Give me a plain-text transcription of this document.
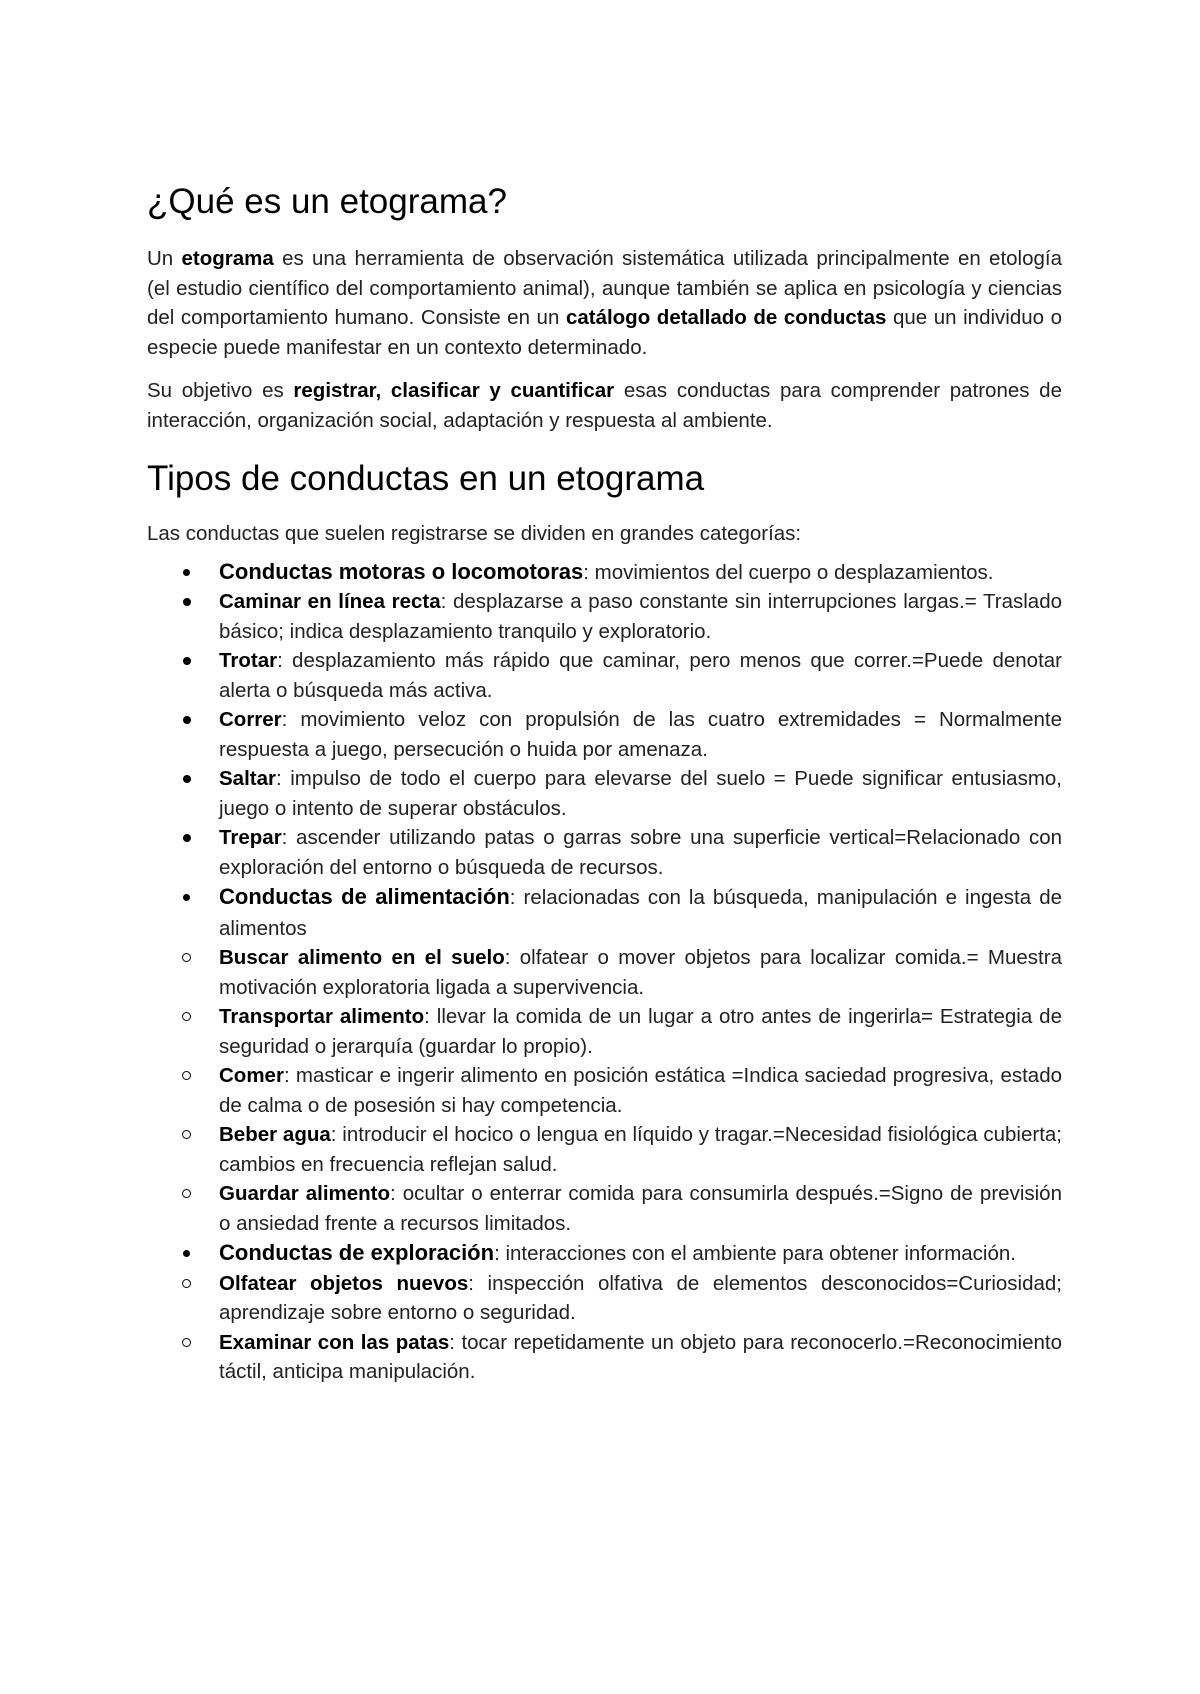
¿Qué es un etograma?

Un etograma es una herramienta de observación sistemática utilizada principalmente en etología (el estudio científico del comportamiento animal), aunque también se aplica en psicología y ciencias del comportamiento humano. Consiste en un catálogo detallado de conductas que un individuo o especie puede manifestar en un contexto determinado.

Su objetivo es registrar, clasificar y cuantificar esas conductas para comprender patrones de interacción, organización social, adaptación y respuesta al ambiente.

Tipos de conductas en un etograma

Las conductas que suelen registrarse se dividen en grandes categorías:

Conductas motoras o locomotoras: movimientos del cuerpo o desplazamientos.
Caminar en línea recta: desplazarse a paso constante sin interrupciones largas.= Traslado básico; indica desplazamiento tranquilo y exploratorio.
Trotar: desplazamiento más rápido que caminar, pero menos que correr.=Puede denotar alerta o búsqueda más activa.
Correr: movimiento veloz con propulsión de las cuatro extremidades = Normalmente respuesta a juego, persecución o huida por amenaza.
Saltar: impulso de todo el cuerpo para elevarse del suelo = Puede significar entusiasmo, juego o intento de superar obstáculos.
Trepar: ascender utilizando patas o garras sobre una superficie vertical=Relacionado con exploración del entorno o búsqueda de recursos.
Conductas de alimentación: relacionadas con la búsqueda, manipulación e ingesta de alimentos
Buscar alimento en el suelo: olfatear o mover objetos para localizar comida.= Muestra motivación exploratoria ligada a supervivencia.
Transportar alimento: llevar la comida de un lugar a otro antes de ingerirla= Estrategia de seguridad o jerarquía (guardar lo propio).
Comer: masticar e ingerir alimento en posición estática =Indica saciedad progresiva, estado de calma o de posesión si hay competencia.
Beber agua: introducir el hocico o lengua en líquido y tragar.=Necesidad fisiológica cubierta; cambios en frecuencia reflejan salud.
Guardar alimento: ocultar o enterrar comida para consumirla después.=Signo de previsión o ansiedad frente a recursos limitados.
Conductas de exploración: interacciones con el ambiente para obtener información.
Olfatear objetos nuevos: inspección olfativa de elementos desconocidos=Curiosidad; aprendizaje sobre entorno o seguridad.
Examinar con las patas: tocar repetidamente un objeto para reconocerlo.=Reconocimiento táctil, anticipa manipulación.
